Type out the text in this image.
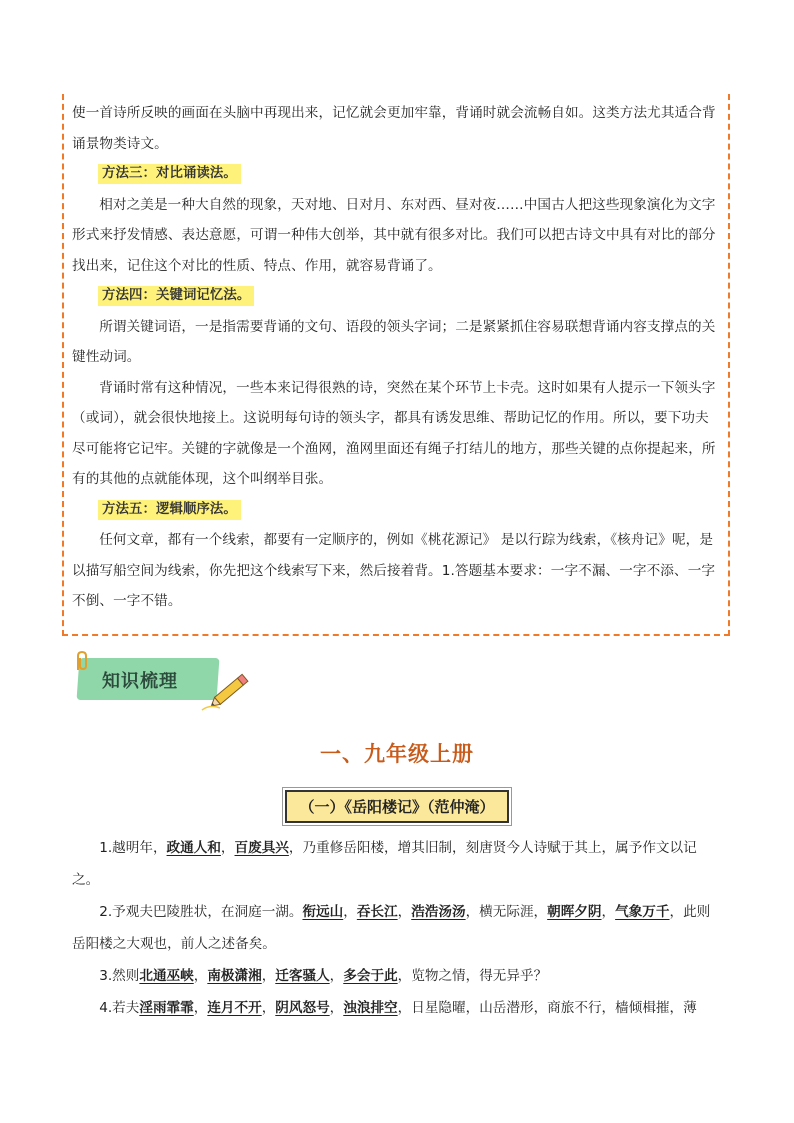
使一首诗所反映的画面在头脑中再现出来，记忆就会更加牢靠，背诵时就会流畅自如。这类方法尤其适合背诵景物类诗文。

方法三：对比诵读法。

相对之美是一种大自然的现象，天对地、日对月、东对西、昼对夜……中国古人把这些现象演化为文字形式来抒发情感、表达意愿，可谓一种伟大创举，其中就有很多对比。我们可以把古诗文中具有对比的部分找出来，记住这个对比的性质、特点、作用，就容易背诵了。

方法四：关键词记忆法。

所谓关键词语，一是指需要背诵的文句、语段的领头字词；二是紧紧抓住容易联想背诵内容支撑点的关键性动词。

背诵时常有这种情况，一些本来记得很熟的诗，突然在某个环节上卡壳。这时如果有人提示一下领头字（或词），就会很快地接上。这说明每句诗的领头字，都具有诱发思维、帮助记忆的作用。所以，要下功夫尽可能将它记牢。关键的字就像是一个渔网，渔网里面还有绳子打结儿的地方，那些关键的点你提起来，所有的其他的点就能体现，这个叫纲举目张。

方法五：逻辑顺序法。

任何文章，都有一个线索，都要有一定顺序的，例如《桃花源记》 是以行踪为线索，《核舟记》呢，是以描写船空间为线索，你先把这个线索写下来，然后接着背。1.答题基本要求：一字不漏、一字不添、一字不倒、一字不错。

知识梳理
一、九年级上册
（一）《岳阳楼记》（范仲淹）

1.越明年，政通人和，百废具兴，乃重修岳阳楼，增其旧制，刻唐贤今人诗赋于其上，属予作文以记之。

2.予观夫巴陵胜状，在洞庭一湖。衔远山，吞长江，浩浩汤汤，横无际涯，朝晖夕阴，气象万千，此则岳阳楼之大观也，前人之述备矣。

3.然则北通巫峡，南极潇湘，迁客骚人，多会于此，览物之情，得无异乎？

4.若夫淫雨霏霏，连月不开，阴风怒号，浊浪排空，日星隐曜，山岳潜形，商旅不行，樯倾楫摧，薄
